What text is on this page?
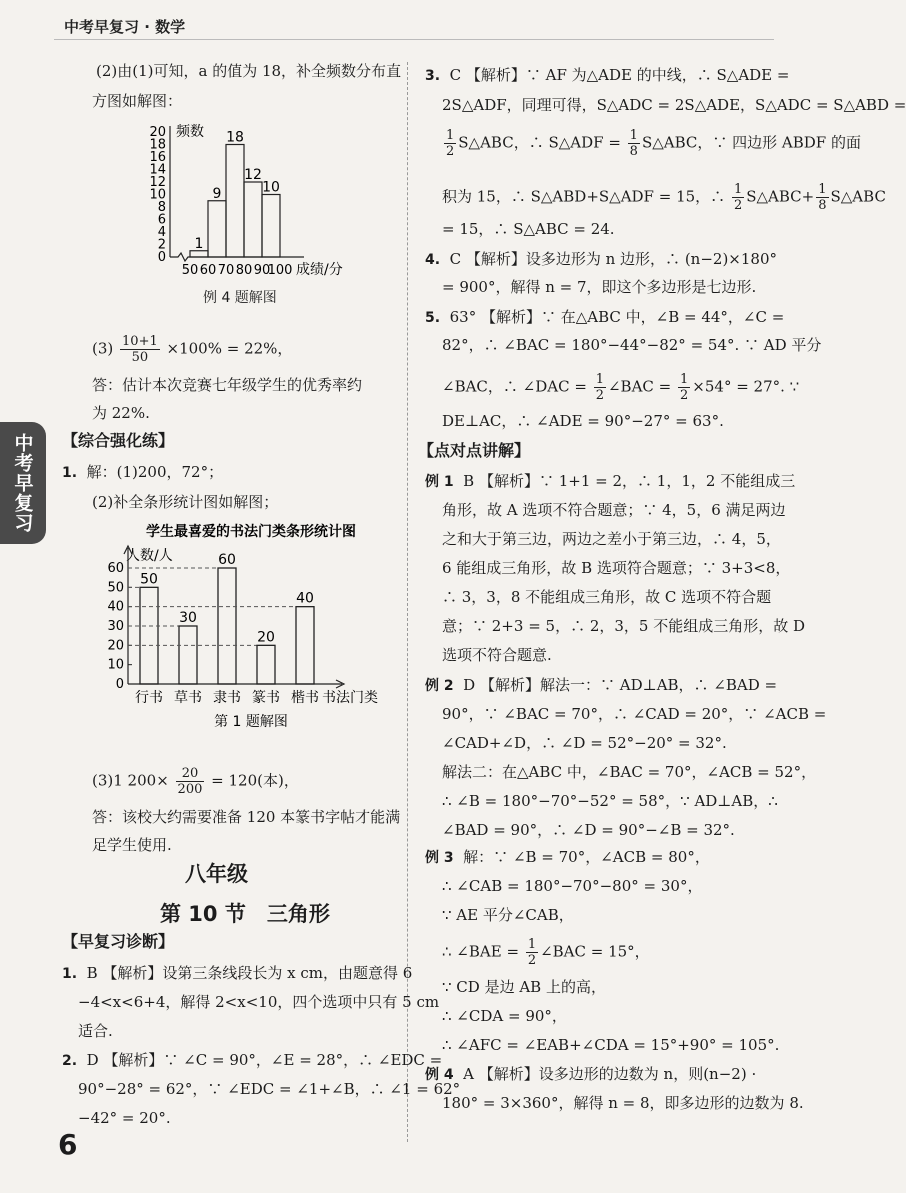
中考早复习 · 数学
中考早复习
(2)由(1)可知，a 的值为 18，补全频数分布直
方图如解图：
频数
20
18
16
14
12
10
8
6
4
2
0
50 60 70 80 90
100 成绩/分
1
9
18
12
10
例 4 题解图
$(3) \frac{10+1}{50} \times 100\% = 22\%$，
答：估计本次竞赛七年级学生的优秀率约
为 22%.
【综合强化练】
1. 解：(1)200，72°；
(2)补全条形统计图如解图；
学生最喜爱的书法门类条形统计图
人数/人
60
50
40
30
20
10
0
50
行书
30
草书
60
隶书
20
篆书
40
楷书 书法门类
第 1 题解图
(3)1 $200\times \frac{20}{200} = 120$(本)，
答：该校大约需要准备 120 本篆书字帖才能满
足学生使用.
八年级
第 10 节　三角形
【早复习诊断】
1. B 【解析】设第三条线段长为 x cm，由题意得 6
−4<x<6+4，解得 2<x<10，四个选项中只有 5 cm
适合.
2. D 【解析】∵ ∠C = 90°，∠E = 28°，∴ ∠EDC =
90°−28° = 62°，∵ ∠EDC = ∠1+∠B，∴ ∠1 = 62°
−42° = 20°.
6
3. C 【解析】∵ AF 为△ADE 的中线，∴ S△ADE =
2S△ADF，同理可得，S△ADC = 2S△ADE，S△ADC = S△ABD =
$\frac{1}{2}$ S△ABC，∴ S△ADF = $\frac{1}{8}$ S△ABC，∵ 四边形 ABDF 的面
积为 15，∴ S△ABD+S△ADF = 15，∴ $\frac{1}{2}$ S△ABC+ $\frac{1}{8}$ S△ABC
= 15，∴ S△ABC = 24.
4. C 【解析】设多边形为 n 边形，∴ (n−2)×180°
= 900°，解得 n = 7，即这个多边形是七边形.
5. 63° 【解析】∵ 在△ABC 中，∠B = 44°，∠C =
82°，∴ ∠BAC = 180°−44°−82° = 54°. ∵ AD 平分
∠BAC，∴ ∠DAC = $\frac{1}{2}$ ∠BAC = $\frac{1}{2} \times 54^\circ = 27^\circ$. ∵
DE⊥AC，∴ ∠ADE = 90°−27° = 63°.
【点对点讲解】
例 1 B 【解析】∵ 1+1 = 2，∴ 1，1，2 不能组成三
角形，故 A 选项不符合题意；∵ 4，5，6 满足两边
之和大于第三边，两边之差小于第三边，∴ 4，5，
6 能组成三角形，故 B 选项符合题意；∵ 3+3<8，
∴ 3，3，8 不能组成三角形，故 C 选项不符合题
意；∵ 2+3 = 5，∴ 2，3，5 不能组成三角形，故 D
选项不符合题意.
例 2 D 【解析】解法一：∵ AD⊥AB，∴ ∠BAD =
90°，∵ ∠BAC = 70°，∴ ∠CAD = 20°，∵ ∠ACB =
∠CAD+∠D，∴ ∠D = 52°−20° = 32°.
解法二：在△ABC 中，∠BAC = 70°，∠ACB = 52°，
∴ ∠B = 180°−70°−52° = 58°，∵ AD⊥AB，∴
∠BAD = 90°，∴ ∠D = 90°−∠B = 32°.
例 3 解：∵ ∠B = 70°，∠ACB = 80°，
∴ ∠CAB = 180°−70°−80° = 30°，
∵ AE 平分∠CAB，
∴ ∠BAE = $\frac{1}{2}$ ∠BAC = 15°，
∵ CD 是边 AB 上的高，
∴ ∠CDA = 90°，
∴ ∠AFC = ∠EAB+∠CDA = 15°+90° = 105°.
例 4 A 【解析】设多边形的边数为 n，则(n−2) ·
180° = 3×360°，解得 n = 8，即多边形的边数为 8.
